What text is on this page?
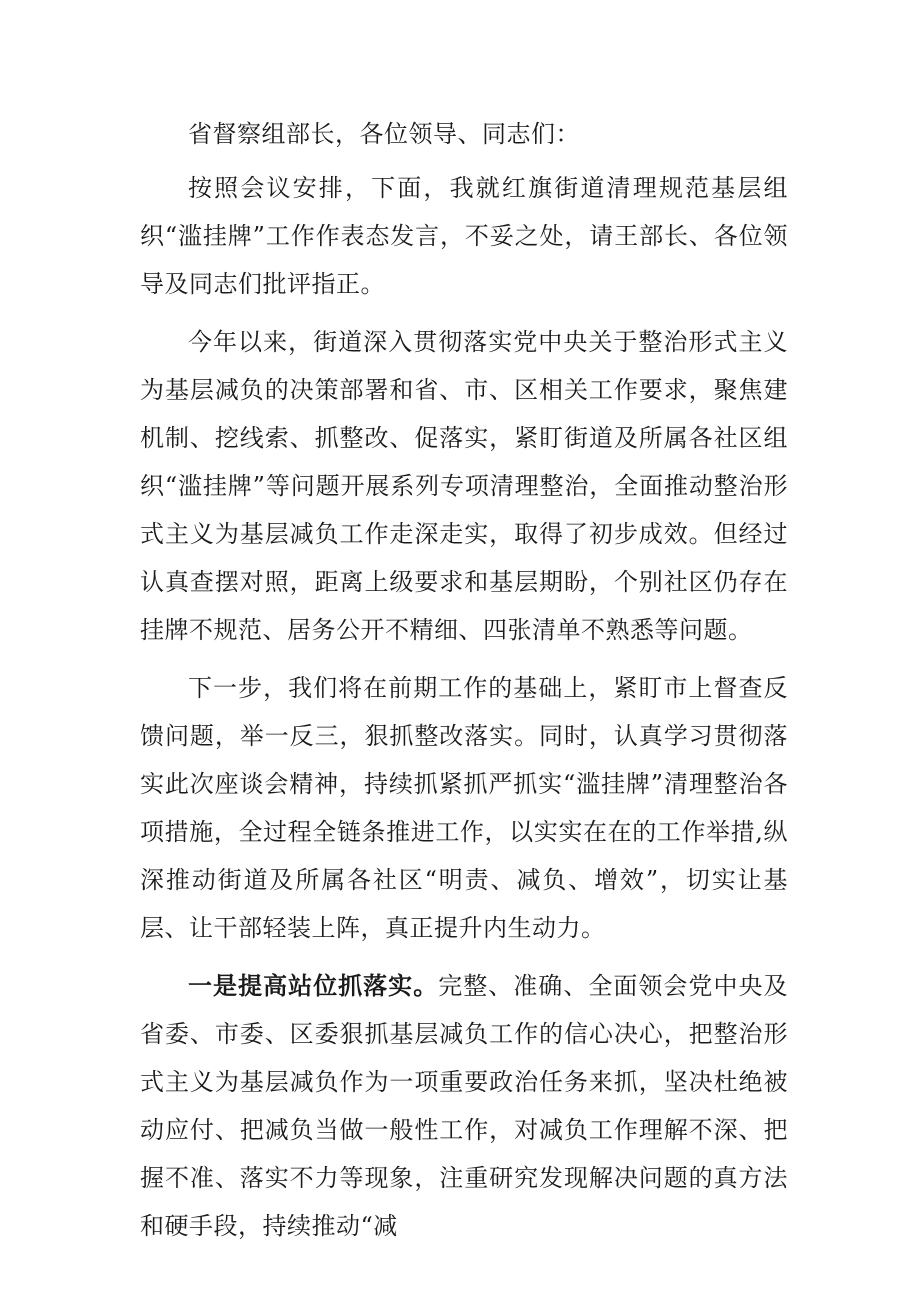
省督察组部长，各位领导、同志们：

按照会议安排，下面，我就红旗街道清理规范基层组织“滥挂牌”工作作表态发言，不妥之处，请王部长、各位领导及同志们批评指正。

今年以来，街道深入贯彻落实党中央关于整治形式主义为基层减负的决策部署和省、市、区相关工作要求，聚焦建机制、挖线索、抓整改、促落实，紧盯街道及所属各社区组织“滥挂牌”等问题开展系列专项清理整治，全面推动整治形式主义为基层减负工作走深走实，取得了初步成效。但经过认真查摆对照，距离上级要求和基层期盼，个别社区仍存在挂牌不规范、居务公开不精细、四张清单不熟悉等问题。

下一步，我们将在前期工作的基础上，紧盯市上督查反馈问题，举一反三，狠抓整改落实。同时，认真学习贯彻落实此次座谈会精神，持续抓紧抓严抓实“滥挂牌”清理整治各项措施，全过程全链条推进工作，以实实在在的工作举措,纵深推动街道及所属各社区“明责、减负、增效”，切实让基层、让干部轻装上阵，真正提升内生动力。

一是提高站位抓落实。完整、准确、全面领会党中央及省委、市委、区委狠抓基层减负工作的信心决心，把整治形式主义为基层减负作为一项重要政治任务来抓，坚决杜绝被动应付、把减负当做一般性工作，对减负工作理解不深、把握不准、落实不力等现象，注重研究发现解决问题的真方法和硬手段，持续推动“减
